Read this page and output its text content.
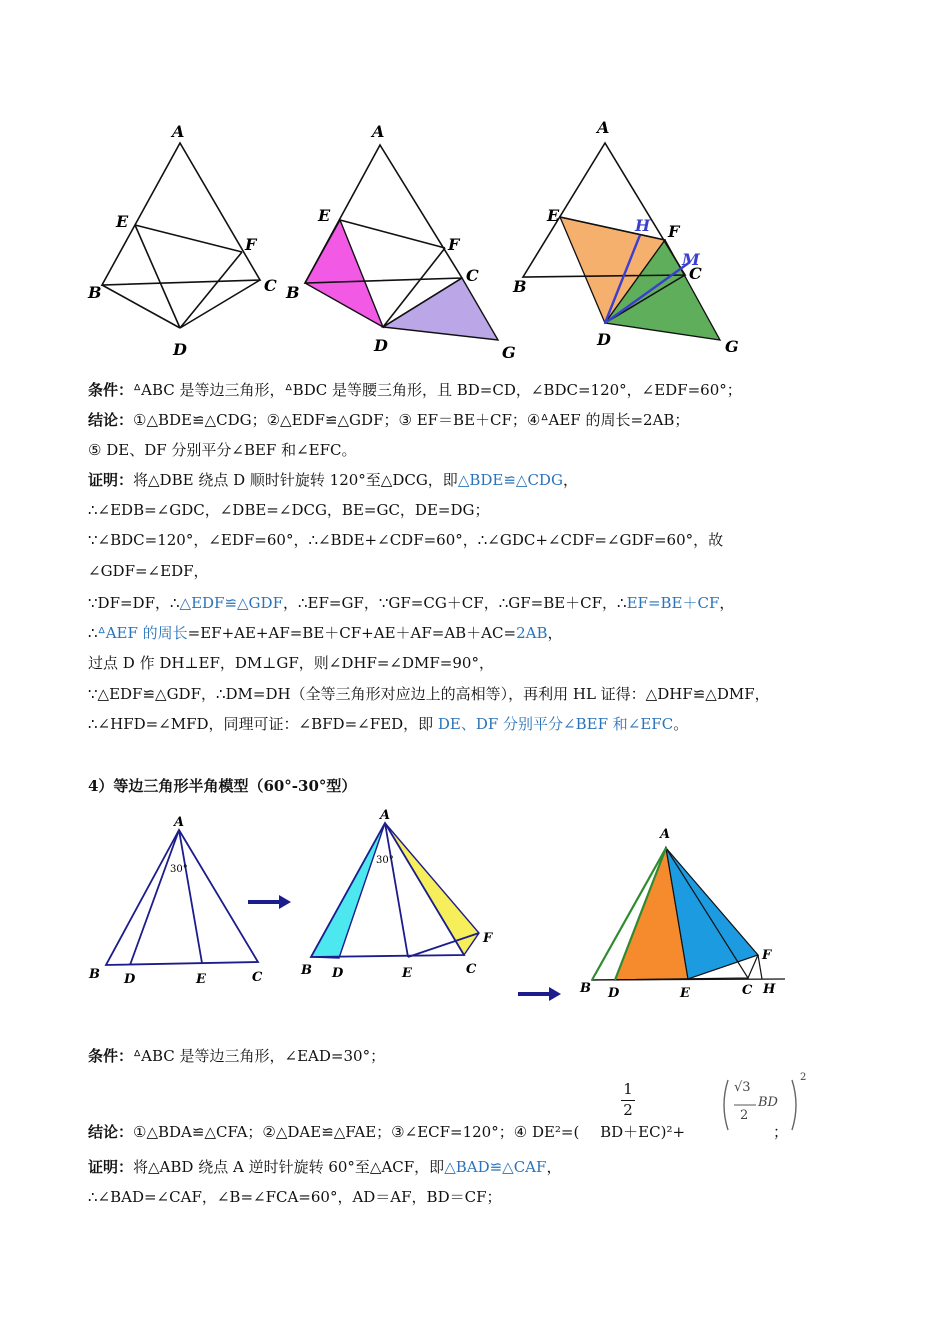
A
E
F
B	C
D
A
E
F
B
C
D	G
A
E
H F
M
C
B
D	G
条件：ᐞABC 是等边三角形，ᐞBDC 是等腰三角形，且 BD=CD，∠BDC=120°，∠EDF=60°；
结论：①△BDE≌△CDG；②△EDF≌△GDF；③ EF＝BE＋CF；④ᐞAEF 的周长=2AB；
⑤ DE、DF 分别平分∠BEF 和∠EFC。
证明：将△DBE 绕点 D 顺时针旋转 120°至△DCG，即△BDE≌△CDG，
∴∠EDB=∠GDC，∠DBE=∠DCG，BE=GC，DE=DG；
∵∠BDC=120°，∠EDF=60°，∴∠BDE+∠CDF=60°，∴∠GDC+∠CDF=∠GDF=60°，故
∠GDF=∠EDF，
∵DF=DF，∴△EDF≌△GDF，∴EF=GF，∵GF=CG＋CF，∴GF=BE＋CF，∴EF=BE＋CF，
∴ᐞAEF 的周长=EF+AE+AF=BE＋CF+AE＋AF=AB＋AC=2AB，
过点 D 作 DH⊥EF，DM⊥GF，则∠DHF=∠DMF=90°，
∵△EDF≌△GDF，∴DM=DH（全等三角形对应边上的高相等），再利用 HL 证得：△DHF≌△DMF，
∴∠HFD=∠MFD，同理可证：∠BFD=∠FED，即 DE、DF 分别平分∠BEF 和∠EFC。
4）等边三角形半角模型（60°-30°型）
A
30°
B D	E	C
A
30°
B D	E	C
F
A
B D	E	C
F
H
条件：ᐞABC 是等边三角形，∠EAD=30°；
1
2
√3
2
BD
2
结论：①△BDA≌△CFA；②△DAE≌△FAE；③∠ECF=120°；④ DE²=( BD＋EC)²+	；
证明：将△ABD 绕点 A 逆时针旋转 60°至△ACF，即△BAD≌△CAF，
∴∠BAD=∠CAF，∠B=∠FCA=60°，AD＝AF，BD＝CF；
